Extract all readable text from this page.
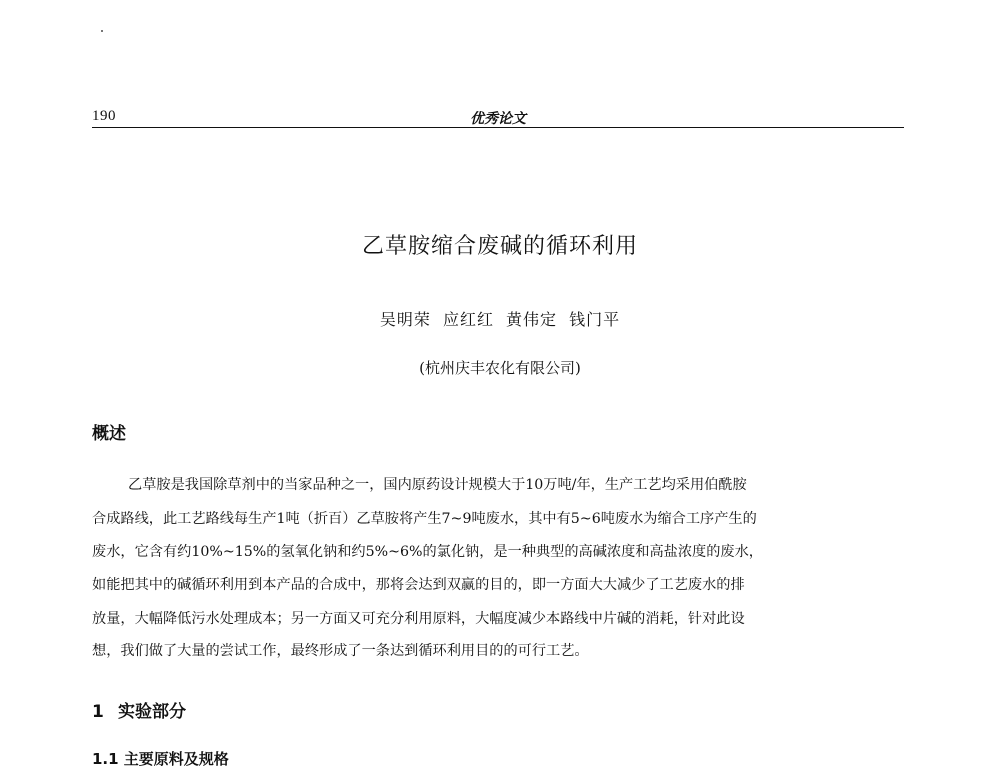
190	优秀论文
乙草胺缩合废碱的循环利用
吴明荣 应红红 黄伟定 钱门平
(杭州庆丰农化有限公司)
概述
乙草胺是我国除草剂中的当家品种之一，国内原药设计规模大于10万吨/年，生产工艺均采用伯酰胺
合成路线，此工艺路线每生产1吨（折百）乙草胺将产生7~9吨废水，其中有5~6吨废水为缩合工序产生的
废水，它含有约10%~15%的氢氧化钠和约5%~6%的氯化钠，是一种典型的高碱浓度和高盐浓度的废水，
如能把其中的碱循环利用到本产品的合成中，那将会达到双赢的目的，即一方面大大减少了工艺废水的排
放量，大幅降低污水处理成本；另一方面又可充分利用原料，大幅度减少本路线中片碱的消耗，针对此设
想，我们做了大量的尝试工作，最终形成了一条达到循环利用目的的可行工艺。
1 实验部分
1.1 主要原料及规格
